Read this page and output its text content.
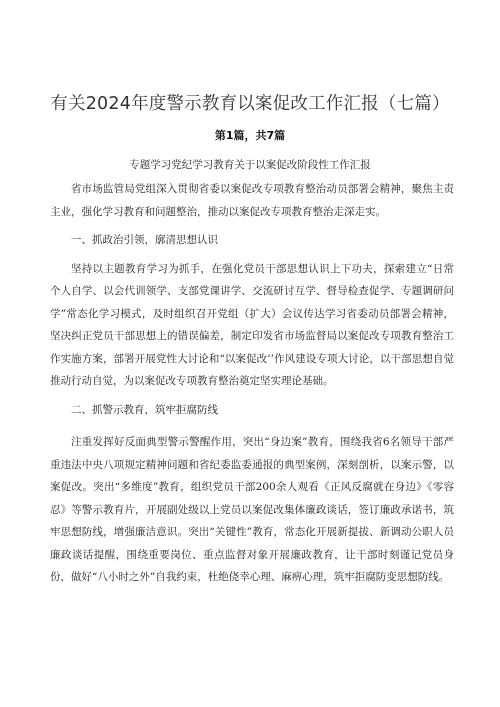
有关2024年度警示教育以案促改工作汇报（七篇）
第1篇，共7篇
专题学习党纪学习教育关于以案促改阶段性工作汇报

省市场监管局党组深入贯彻省委以案促改专项教育整治动员部署会精神，聚焦主责主业，强化学习教育和问题整治，推动以案促改专项教育整治走深走实。

一、抓政治引领，廓清思想认识

坚持以主题教育学习为抓手，在强化党员干部思想认识上下功夫，探索建立“日常个人自学、以会代训领学、支部党课讲学、交流研讨互学、督导检查促学、专题调研问学”常态化学习模式，及时组织召开党组（扩大）会议传达学习省委动员部署会精神，坚决纠正党员干部思想上的错误偏差，制定印发省市场监督局以案促改专项教育整治工作实施方案，部署开展党性大讨论和“以案促改’’作风建设专项大讨论，以干部思想自觉推动行动自觉，为以案促改专项教育整治奠定坚实理论基础。

二、抓警示教育，筑牢拒腐防线

注重发挥好反面典型警示警醒作用，突出“身边案”教育，围绕我省6名领导干部严重违法中央八项规定精神问题和省纪委监委通报的典型案例，深刻剖析，以案示警，以案促改。突出“多维度”教育，组织党员干部200余人观看《正风反腐就在身边》《零容忍》等警示教育片，开展副处级以上党员以案促改集体廉政谈话，签订廉政承诺书，筑牢思想防线，增强廉洁意识。突出“关键性”教育，常态化开展新提拔、新调动公职人员廉政谈话提醒，围绕重要岗位、重点监督对象开展廉政教育，让干部时刻谨记党员身份，做好“八小时之外”自我约束，杜绝侥幸心理、麻痹心理，筑牢拒腐防变思想防线。
